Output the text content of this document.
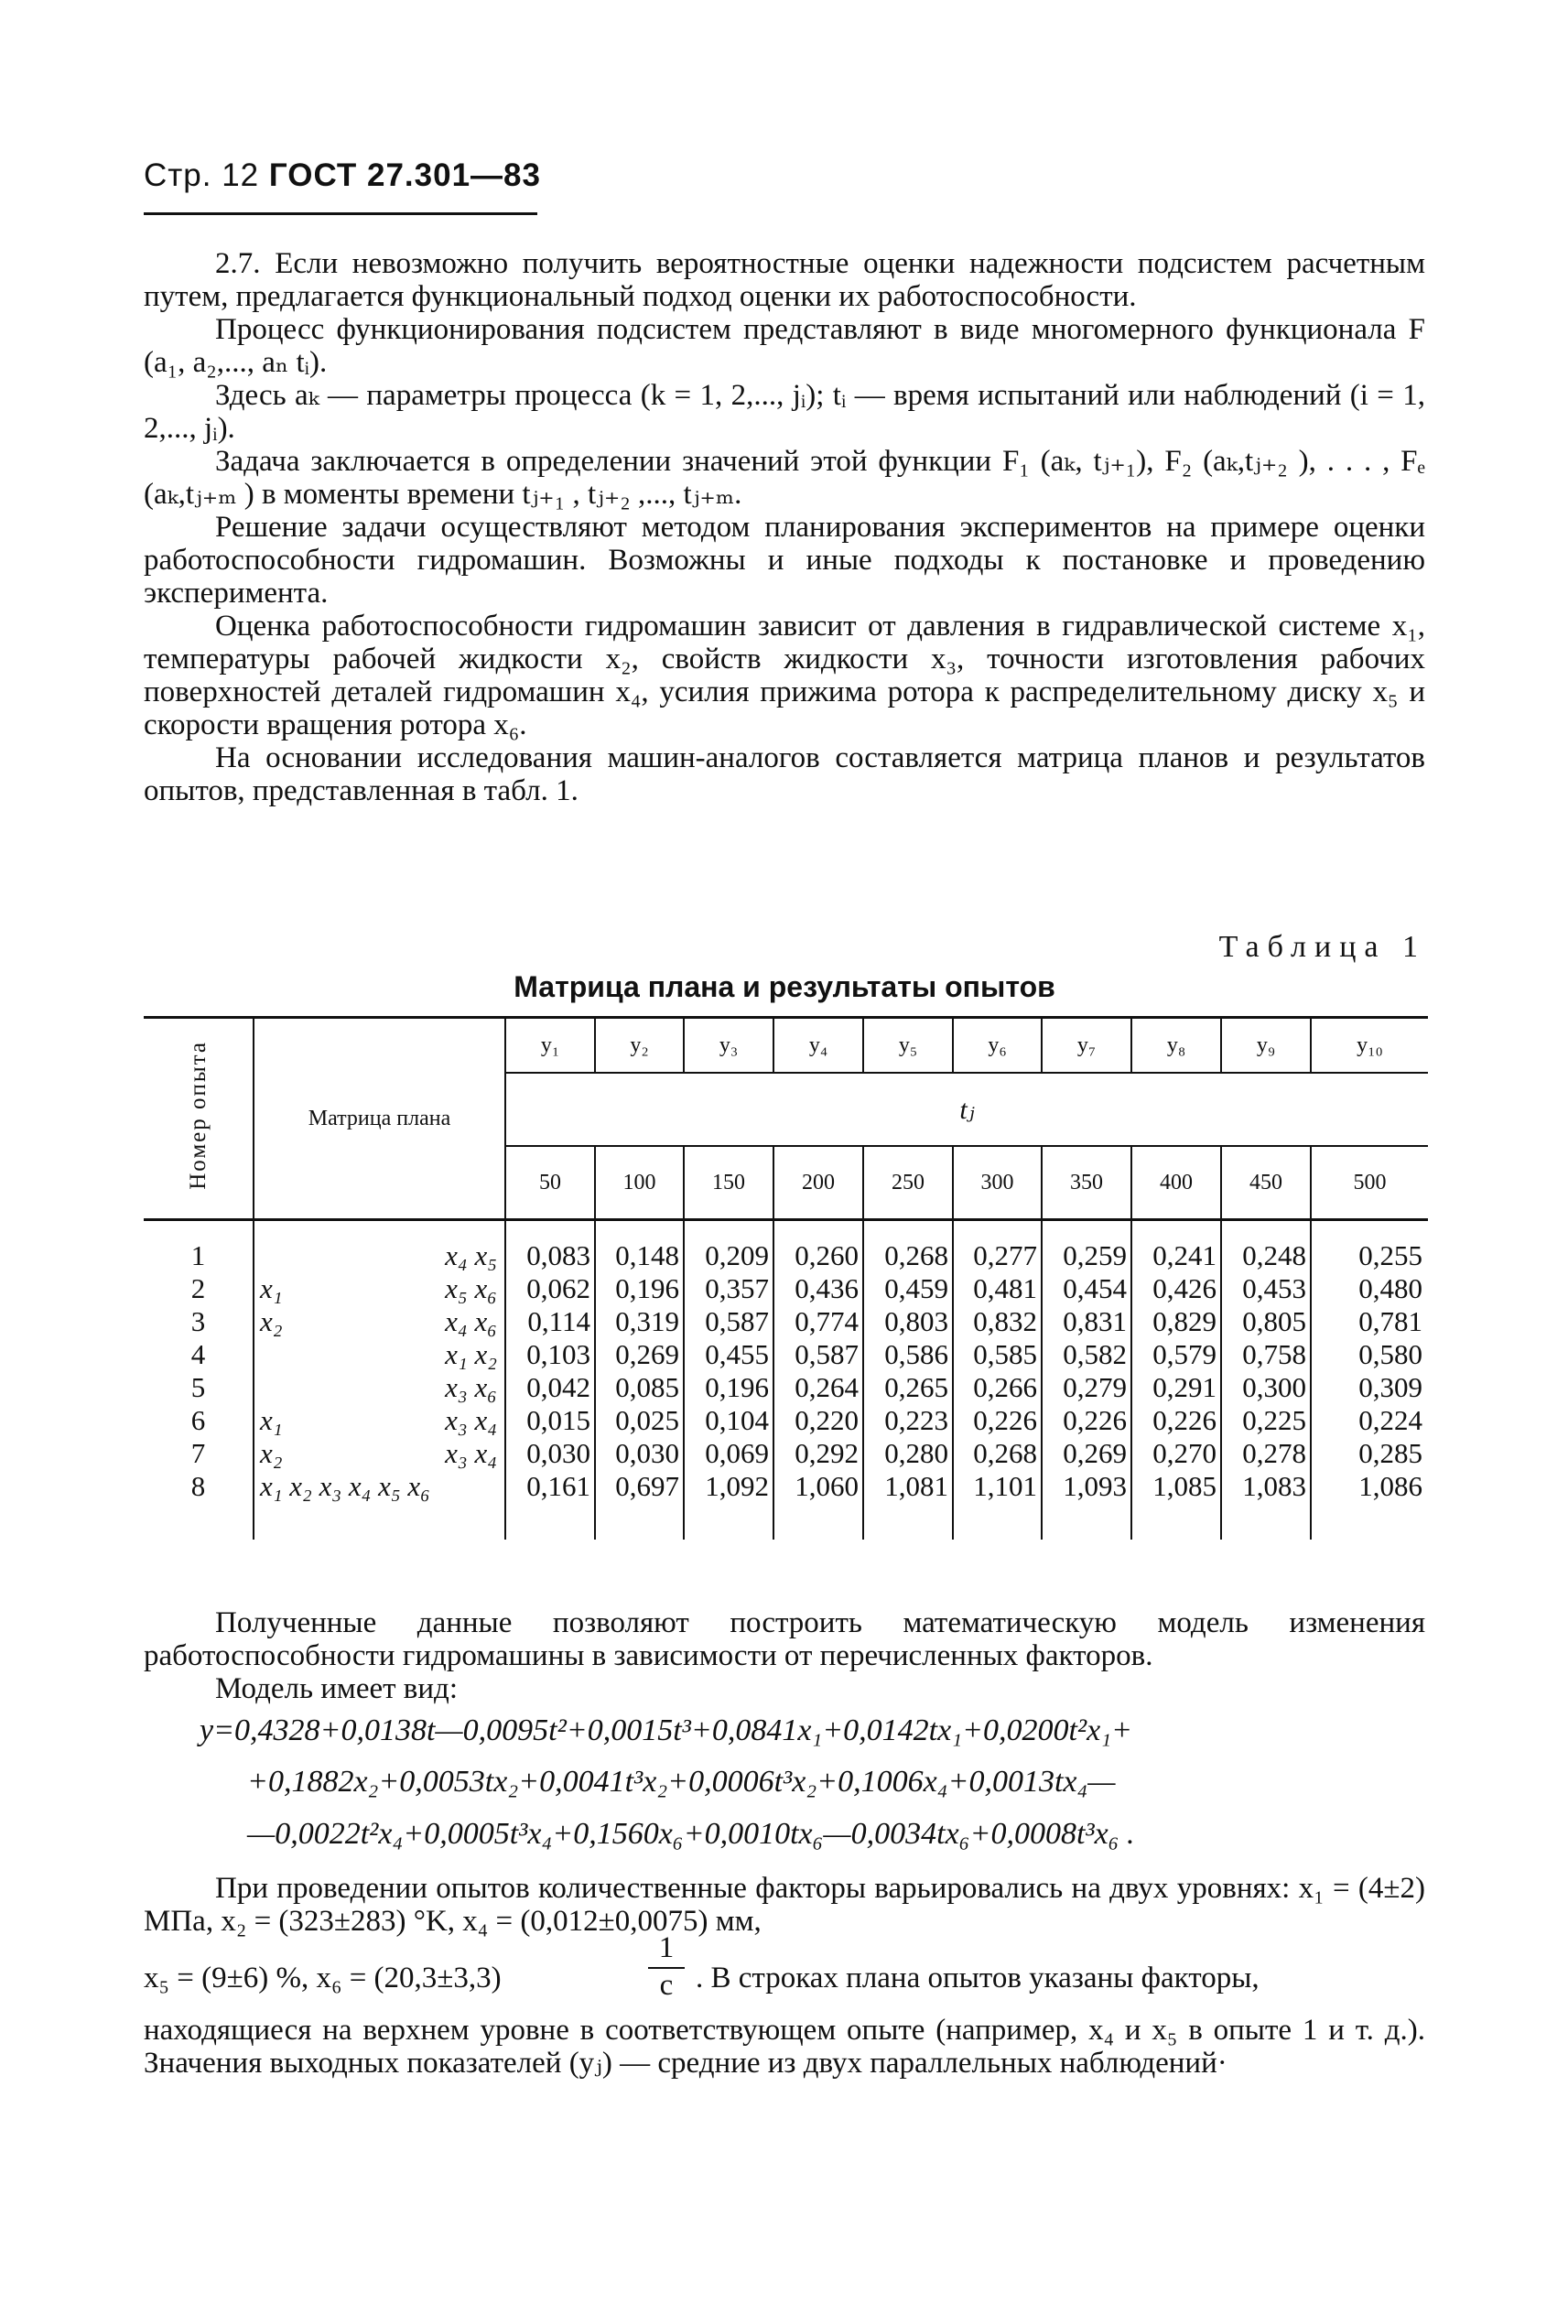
Стр. 12 ГОСТ 27.301—83

2.7. Если невозможно получить вероятностные оценки надежности подсистем расчетным путем, предлагается функциональный подход оценки их работоспособности.

Процесс функционирования подсистем представляют в виде многомерного функционала F (a₁, a₂,..., aₙ tᵢ).

Здесь aₖ — параметры процесса (k = 1, 2,..., jᵢ); tᵢ — время испытаний или наблюдений (i = 1, 2,..., jᵢ).

Задача заключается в определении значений этой функции F₁ (aₖ, tⱼ₊₁), F₂ (aₖ,tⱼ₊₂ ), . . . , Fₑ (aₖ,tⱼ₊ₘ ) в моменты времени tⱼ₊₁ , tⱼ₊₂ ,..., tⱼ₊ₘ.

Решение задачи осуществляют методом планирования экспериментов на примере оценки работоспособности гидромашин. Возможны и иные подходы к постановке и проведению эксперимента.

Оценка работоспособности гидромашин зависит от давления в гидравлической системе x₁, температуры рабочей жидкости x₂, свойств жидкости x₃, точности изготовления рабочих поверхностей деталей гидромашин x₄, усилия прижима ротора к распределительному диску x₅ и скорости вращения ротора x₆.

На основании исследования машин-аналогов составляется матрица планов и результатов опытов, представленная в табл. 1.

Таблица 1
Матрица плана и результаты опытов
Номер опыта	Матрица плана	y₁	y₂	y₃	y₄	y₅	y₆	y₇	y₈	y₉	y₁₀
		tⱼ									
		50	100	150	200	250	300	350	400	450	500
1	x₄ x₅	0,083	0,148	0,209	0,260	0,268	0,277	0,259	0,241	0,248	0,255
2	x₁ x₅ x₆	0,062	0,196	0,357	0,436	0,459	0,481	0,454	0,426	0,453	0,480
3	x₂ x₄ x₆	0,114	0,319	0,587	0,774	0,803	0,832	0,831	0,829	0,805	0,781
4	x₁ x₂	0,103	0,269	0,455	0,587	0,586	0,585	0,582	0,579	0,758	0,580
5	x₃ x₆	0,042	0,085	0,196	0,264	0,265	0,266	0,279	0,291	0,300	0,309
6	x₁ x₃ x₄	0,015	0,025	0,104	0,220	0,223	0,226	0,226	0,226	0,225	0,224
7	x₂ x₃ x₄	0,030	0,030	0,069	0,292	0,280	0,268	0,269	0,270	0,278	0,285
8	x₁ x₂ x₃ x₄ x₅ x₆	0,161	0,697	1,092	1,060	1,081	1,101	1,093	1,085	1,083	1,086

Полученные данные позволяют построить математическую модель изменения работоспособности гидромашины в зависимости от перечисленных факторов.

Модель имеет вид:

y=0,4328+0,0138t—0,0095t²+0,0015t³+0,0841x₁+0,0142tx₁+0,0200t²x₁+
+0,1882x₂+0,0053tx₂+0,0041t³x₂+0,0006t³x₂+0,1006x₄+0,0013tx₄—
—0,0022t²x₄+0,0005t³x₄+0,1560x₆+0,0010tx₆—0,0034tx₆+0,0008t³x₆ .

При проведении опытов количественные факторы варьировались на двух уровнях: x₁ = (4±2) МПа, x₂ = (323±283) °K, x₄ = (0,012±0,0075) мм,

x₅ = (9±6) %, x₆ = (20,3±3,3)
1
с . В строках плана опытов указаны факторы,

находящиеся на верхнем уровне в соответствующем опыте (например, x₄ и x₅ в опыте 1 и т. д.). Значения выходных показателей (yⱼ) — средние из двух параллельных наблюдений·
